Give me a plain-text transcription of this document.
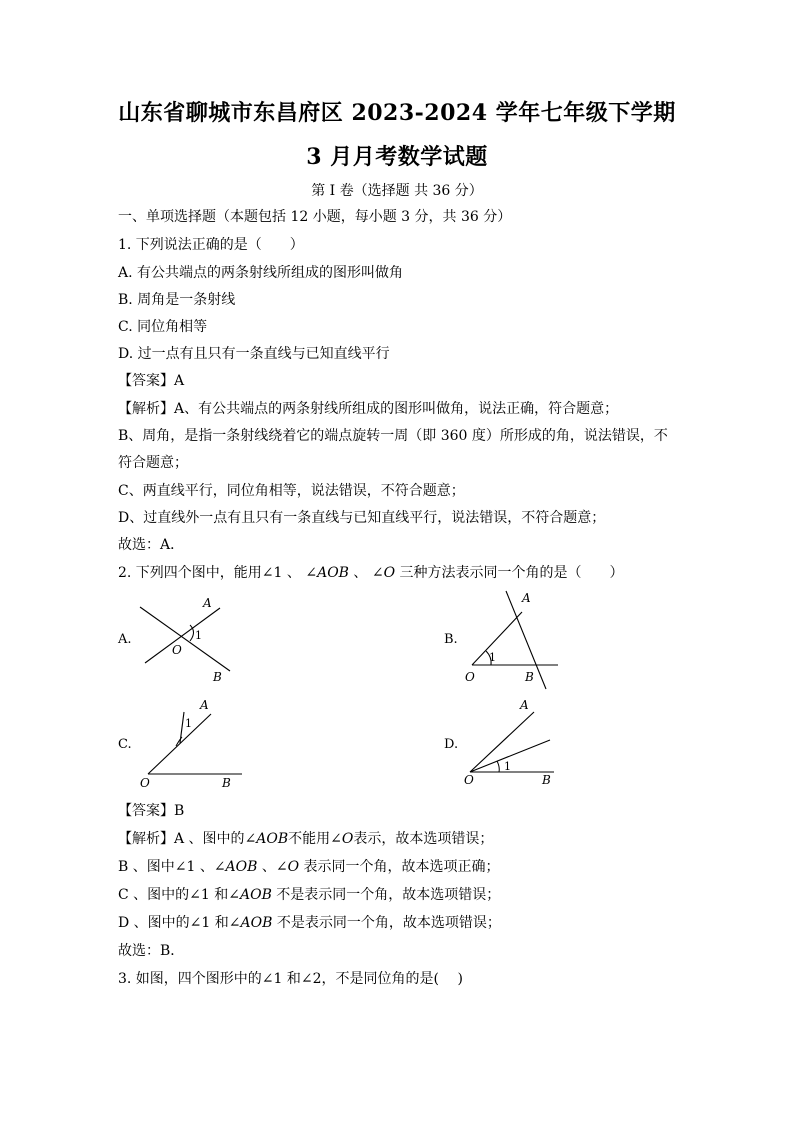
山东省聊城市东昌府区 2023-2024 学年七年级下学期
3 月月考数学试题
第 I 卷（选择题 共 36 分）
一、单项选择题（本题包括 12 小题，每小题 3 分，共 36 分）
1. 下列说法正确的是（　　）
A. 有公共端点的两条射线所组成的图形叫做角
B. 周角是一条射线
C. 同位角相等
D. 过一点有且只有一条直线与已知直线平行
【答案】A
【解析】A、有公共端点的两条射线所组成的图形叫做角，说法正确，符合题意；
B、周角，是指一条射线绕着它的端点旋转一周（即 360 度）所形成的角，说法错误，不
符合题意；
C、两直线平行，同位角相等，说法错误，不符合题意；
D、过直线外一点有且只有一条直线与已知直线平行，说法错误，不符合题意；
故选：A．
2. 下列四个图中，能用∠1 、 ∠AOB 、 ∠O 三种方法表示同一个角的是（　　）
A.
A
O
1
B
B.
A
1
O	B
C.
A
1
O	B
D.
A
1
O	B
【答案】B
【解析】A 、图中的∠AOB不能用∠O表示，故本选项错误；
B 、图中∠1 、∠AOB 、∠O 表示同一个角，故本选项正确；
C 、图中的∠1 和∠AOB 不是表示同一个角，故本选项错误；
D 、图中的∠1 和∠AOB 不是表示同一个角，故本选项错误；
故选：B．
3. 如图，四个图形中的∠1 和∠2，不是同位角的是(　 )
